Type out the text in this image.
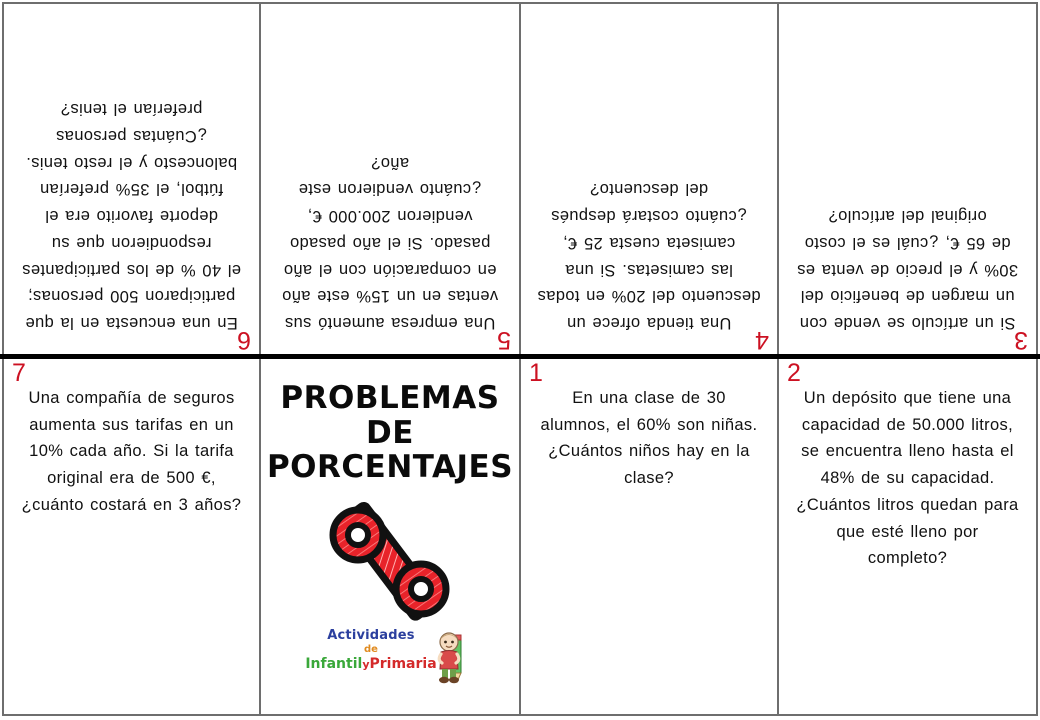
6

En una encuesta en la que participaron 500 personas; el 40 % de los participantes respondieron que su deporte favorito era el fútbol, el 35% preferían baloncesto y el resto tenis. ¿Cuántas personas preferían el tenis?

5

Una empresa aumentó sus ventas en un 15% este año en comparación con el año pasado. Si el año pasado vendieron 200.000 €, ¿cuánto vendieron este año?

4

Una tienda ofrece un descuento del 20% en todas las camisetas. Si una camiseta cuesta 25 €, ¿cuánto costará después del descuento?

3

Si un artículo se vende con un margen de beneficio del 30% y el precio de venta es de 65 €, ¿cuál es el costo original del artículo?

7

Una compañía de seguros aumenta sus tarifas en un 10% cada año. Si la tarifa original era de 500 €, ¿cuánto costará en 3 años?

PROBLEMAS
DE
PORCENTAJES
Actividades
de
InfantilyPrimaria
1

En una clase de 30 alumnos, el 60% son niñas. ¿Cuántos niños hay en la clase?

2

Un depósito que tiene una capacidad de 50.000 litros, se encuentra lleno hasta el 48% de su capacidad. ¿Cuántos litros quedan para que esté lleno por completo?
